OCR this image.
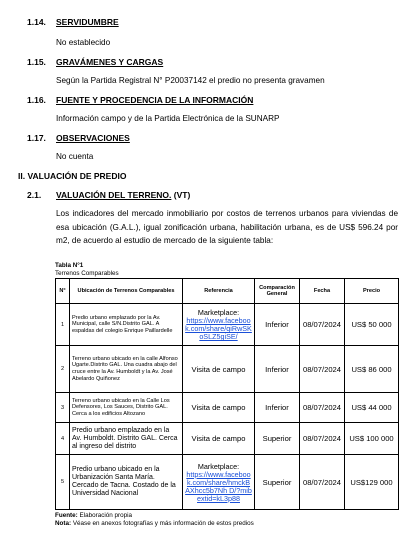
1.14. SERVIDUMBRE
No establecido
1.15. GRAVÁMENES Y CARGAS
Según la Partida Registral N° P20037142 el predio no presenta gravamen
1.16. FUENTE Y PROCEDENCIA DE LA INFORMACIÓN
Información campo y de la Partida Electrónica de la SUNARP
1.17. OBSERVACIONES
No cuenta
II. VALUACIÓN DE PREDIO
2.1. VALUACIÓN DEL TERRENO. (VT)
Los indicadores del mercado inmobiliario por costos de terrenos urbanos para viviendas de esa ubicación (G.A.L.), igual zonificación urbana, habilitación urbana, es de US$ 596.24 por m2, de acuerdo al estudio de mercado de la siguiente tabla:
Tabla N°1
Terrenos Comparables
N°	Ubicación de Terrenos Comparables	Referencia	Comparación General	Fecha	Precio
1	Predio urbano emplazado por la Av. Municipal, calle S/N.Distrito GAL. A espaldas del colegio Enrique Paillardelle	Marketplace:
https://www.facebook.com/share/qiRwSKoSLZ5giSE/	Inferior	08/07/2024	US$ 50 000
2	Terreno urbano ubicado en la calle Alfonso Ugarte.Distrito GAL. Una cuadra abajo del cruce entre la Av. Humboldt y la Av. José Abelardo Quiñonez	Visita de campo	Inferior	08/07/2024	US$ 86 000
3	Terreno urbano ubicado en la Calle Los Defensores, Los Sauces, Distrito GAL. Cerca a los edificios Altozano	Visita de campo	Inferior	08/07/2024	US$ 44 000
4	Predio urbano emplazado en la Av. Humboldt. Distrito GAL. Cerca al ingreso del distrito	Visita de campo	Superior	08/07/2024	US$ 100 000
5	Predio urbano ubicado en la Urbanización Santa María. Cercado de Tacna. Costado de la Universidad Nacional	Marketplace:
https://www.facebook.com/share/hmckBAXhcc5b7Nh D/?mibextid=kL3p88	Superior	08/07/2024	US$129 000
Fuente: Elaboración propia
Nota: Véase en anexos fotografías y más información de estos predios
